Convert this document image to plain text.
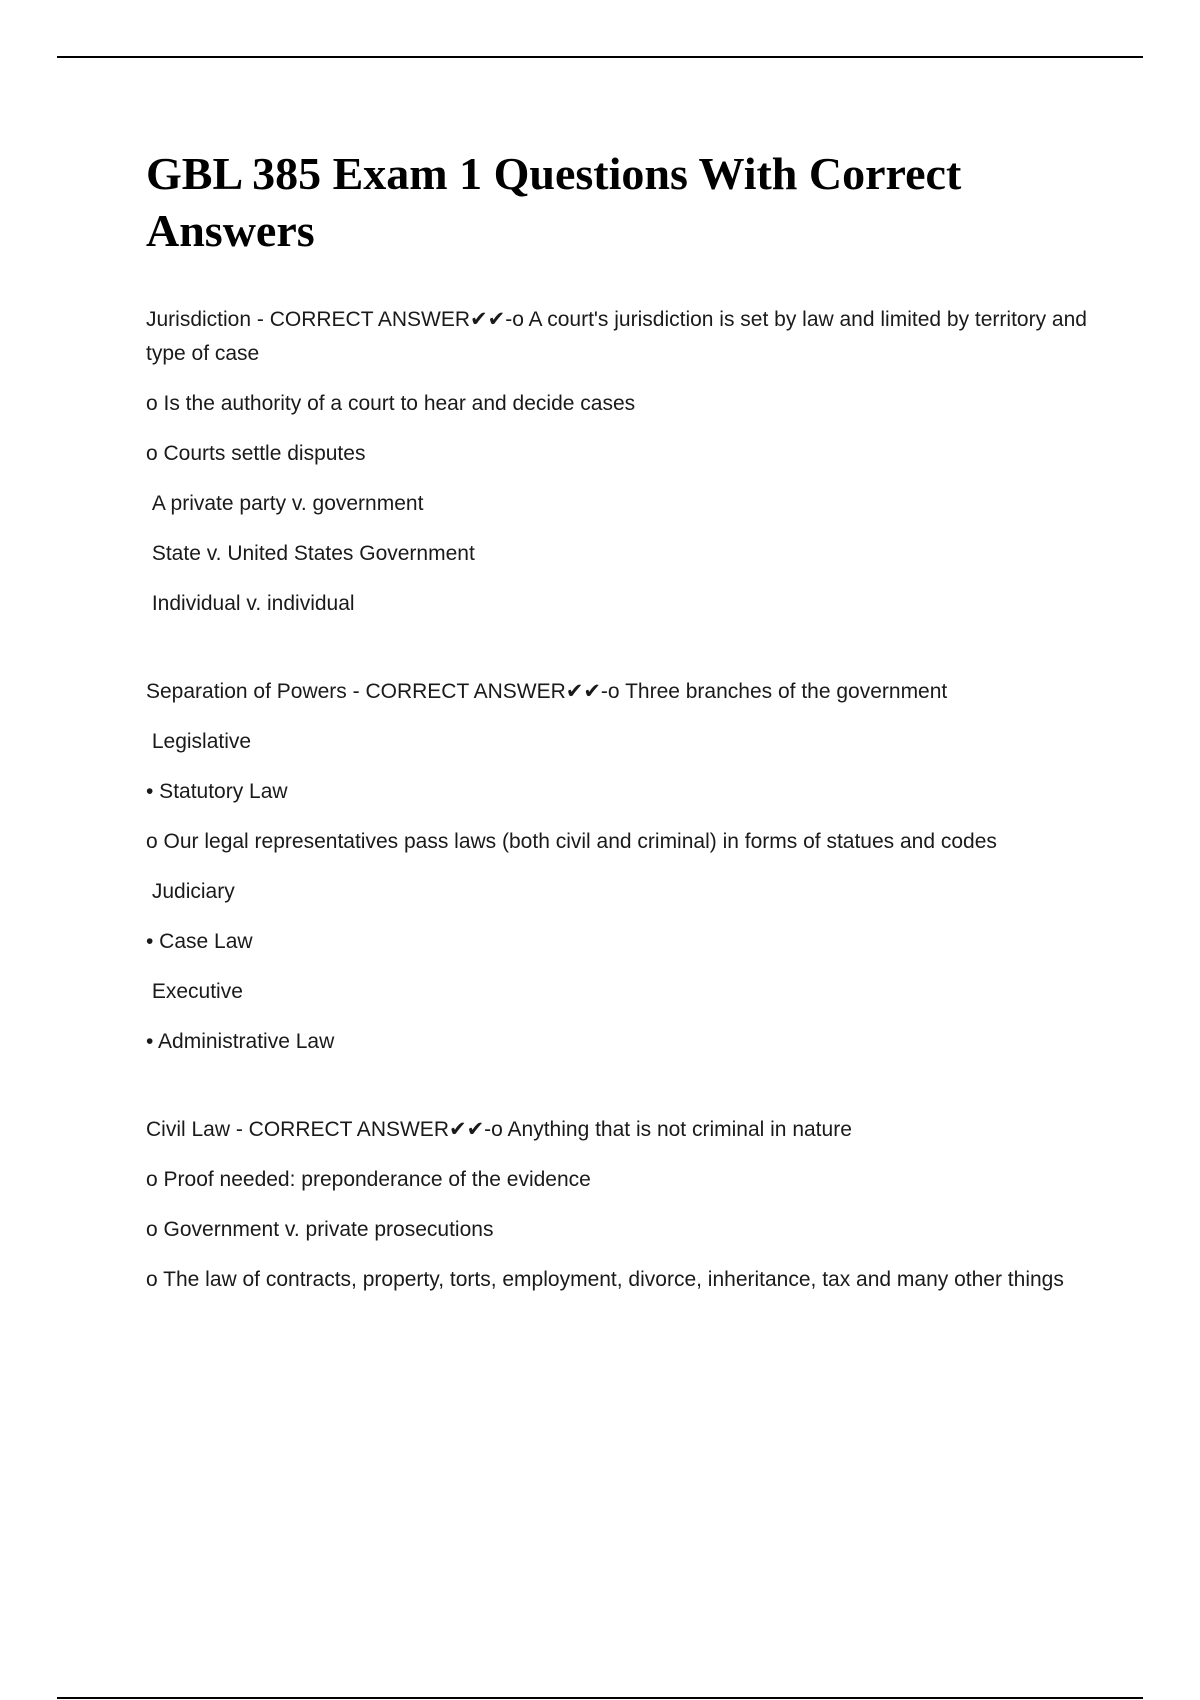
GBL 385 Exam 1 Questions With Correct Answers

Jurisdiction - CORRECT ANSWER✔✔-o A court's jurisdiction is set by law and limited by territory and type of case

o Is the authority of a court to hear and decide cases

o Courts settle disputes

A private party v. government

State v. United States Government

Individual v. individual

Separation of Powers - CORRECT ANSWER✔✔-o Three branches of the government

Legislative

• Statutory Law

o Our legal representatives pass laws (both civil and criminal) in forms of statues and codes

Judiciary

• Case Law

Executive

• Administrative Law

Civil Law - CORRECT ANSWER✔✔-o Anything that is not criminal in nature

o Proof needed: preponderance of the evidence

o Government v. private prosecutions

o The law of contracts, property, torts, employment, divorce, inheritance, tax and many other things
